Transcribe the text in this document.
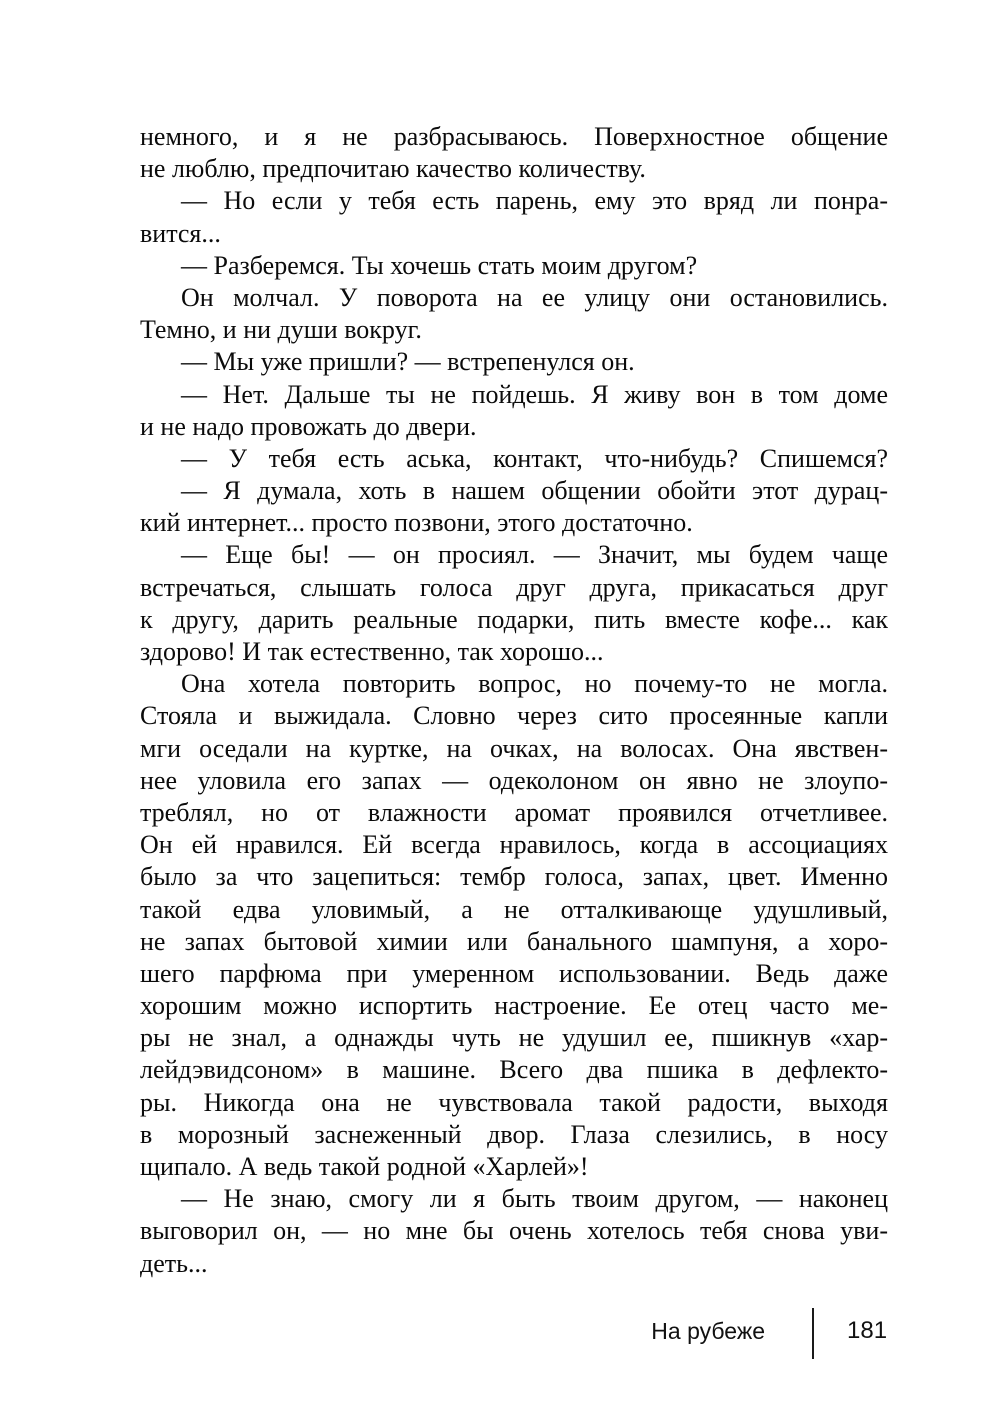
немного, и я не разбрасываюсь. Поверхностное общение
не люблю, предпочитаю качество количеству.
— Но если у тебя есть парень, ему это вряд ли понра-
вится...
— Разберемся. Ты хочешь стать моим другом?
Он молчал. У поворота на ее улицу они остановились.
Темно, и ни души вокруг.
— Мы уже пришли? — встрепенулся он.
— Нет. Дальше ты не пойдешь. Я живу вон в том доме
и не надо провожать до двери.
— У тебя есть аська, контакт, что-нибудь? Спишемся?
— Я думала, хоть в нашем общении обойти этот дурац-
кий интернет... просто позвони, этого достаточно.
— Еще бы! — он просиял. — Значит, мы будем чаще
встречаться, слышать голоса друг друга, прикасаться друг
к другу, дарить реальные подарки, пить вместе кофе... как
здорово! И так естественно, так хорошо...
Она хотела повторить вопрос, но почему-то не могла.
Стояла и выжидала. Словно через сито просеянные капли
мги оседали на куртке, на очках, на волосах. Она явствен-
нее уловила его запах — одеколоном он явно не злоупо-
треблял, но от влажности аромат проявился отчетливее.
Он ей нравился. Ей всегда нравилось, когда в ассоциациях
было за что зацепиться: тембр голоса, запах, цвет. Именно
такой едва уловимый, а не отталкивающе удушливый,
не запах бытовой химии или банального шампуня, а хоро-
шего парфюма при умеренном использовании. Ведь даже
хорошим можно испортить настроение. Ее отец часто ме-
ры не знал, а однажды чуть не удушил ее, пшикнув «хар-
лейдэвидсоном» в машине. Всего два пшика в дефлекто-
ры. Никогда она не чувствовала такой радости, выходя
в морозный заснеженный двор. Глаза слезились, в носу
щипало. А ведь такой родной «Харлей»!
— Не знаю, смогу ли я быть твоим другом, — наконец
выговорил он, — но мне бы очень хотелось тебя снова уви-
деть...
На рубеже	181
